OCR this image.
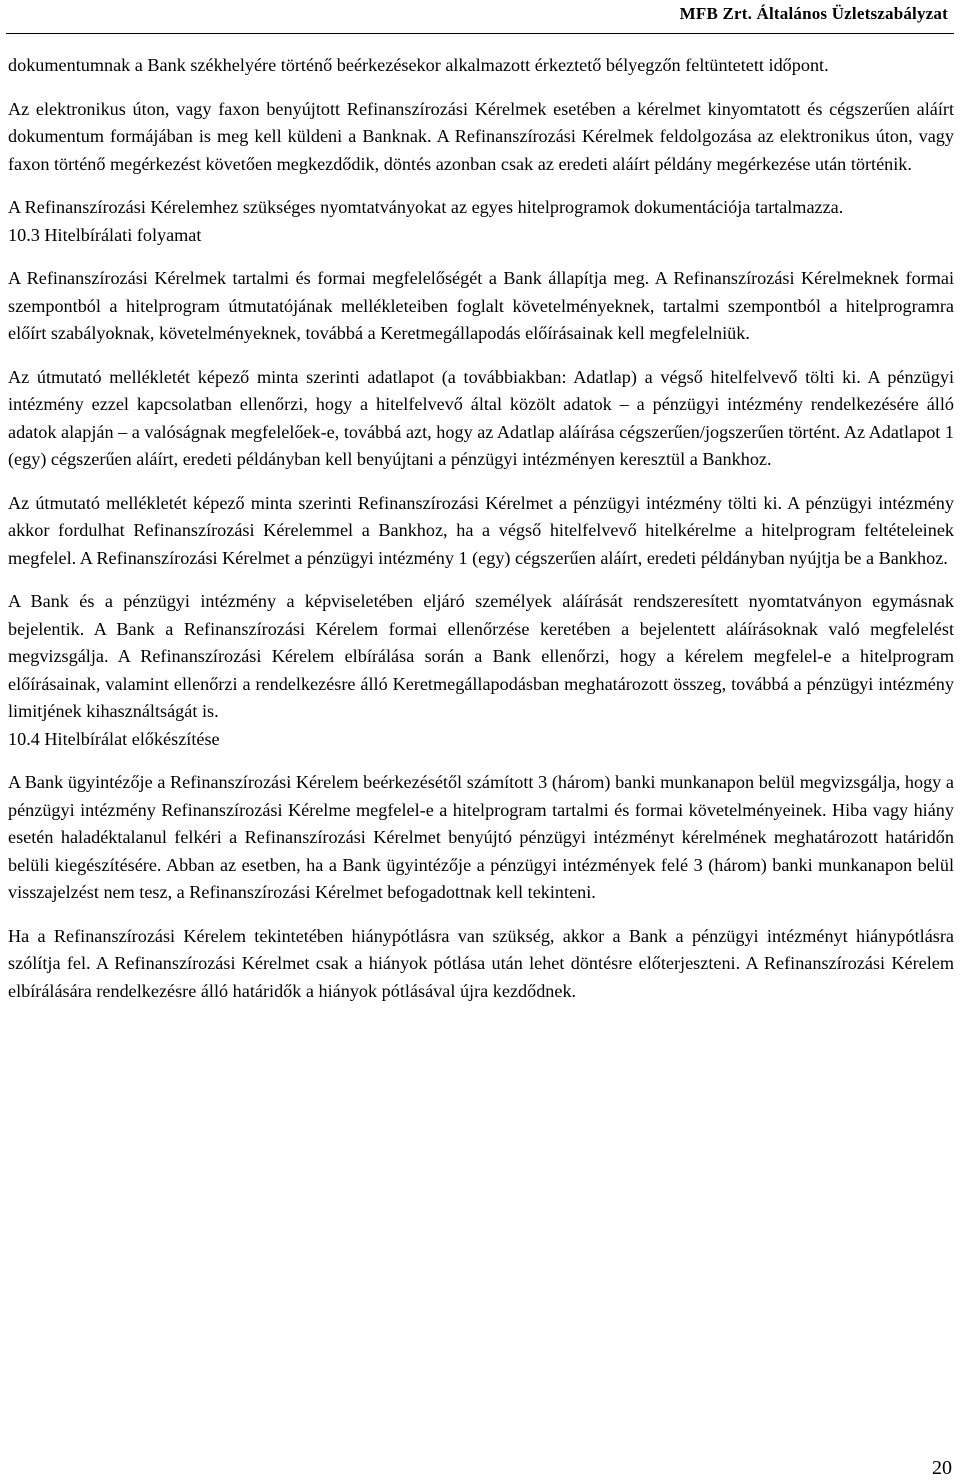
MFB Zrt. Általános Üzletszabályzat

dokumentumnak a Bank székhelyére történő beérkezésekor alkalmazott érkeztető bélyegzőn feltüntetett időpont.

Az elektronikus úton, vagy faxon benyújtott Refinanszírozási Kérelmek esetében a kérelmet kinyomtatott és cégszerűen aláírt dokumentum formájában is meg kell küldeni a Banknak. A Refinanszírozási Kérelmek feldolgozása az elektronikus úton, vagy faxon történő megérkezést követően megkezdődik, döntés azonban csak az eredeti aláírt példány megérkezése után történik.

A Refinanszírozási Kérelemhez szükséges nyomtatványokat az egyes hitelprogramok dokumentációja tartalmazza.

10.3 Hitelbírálati folyamat

A Refinanszírozási Kérelmek tartalmi és formai megfelelőségét a Bank állapítja meg. A Refinanszírozási Kérelmeknek formai szempontból a hitelprogram útmutatójának mellékleteiben foglalt követelményeknek, tartalmi szempontból a hitelprogramra előírt szabályoknak, követelményeknek, továbbá a Keretmegállapodás előírásainak kell megfelelniük.

Az útmutató mellékletét képező minta szerinti adatlapot (a továbbiakban: Adatlap) a végső hitelfelvevő tölti ki. A pénzügyi intézmény ezzel kapcsolatban ellenőrzi, hogy a hitelfelvevő által közölt adatok – a pénzügyi intézmény rendelkezésére álló adatok alapján – a valóságnak megfelelőek-e, továbbá azt, hogy az Adatlap aláírása cégszerűen/jogszerűen történt. Az Adatlapot 1 (egy) cégszerűen aláírt, eredeti példányban kell benyújtani a pénzügyi intézményen keresztül a Bankhoz.

Az útmutató mellékletét képező minta szerinti Refinanszírozási Kérelmet a pénzügyi intézmény tölti ki. A pénzügyi intézmény akkor fordulhat Refinanszírozási Kérelemmel a Bankhoz, ha a végső hitelfelvevő hitelkérelme a hitelprogram feltételeinek megfelel. A Refinanszírozási Kérelmet a pénzügyi intézmény 1 (egy) cégszerűen aláírt, eredeti példányban nyújtja be a Bankhoz.

A Bank és a pénzügyi intézmény a képviseletében eljáró személyek aláírását rendszeresített nyomtatványon egymásnak bejelentik. A Bank a Refinanszírozási Kérelem formai ellenőrzése keretében a bejelentett aláírásoknak való megfelelést megvizsgálja. A Refinanszírozási Kérelem elbírálása során a Bank ellenőrzi, hogy a kérelem megfelel-e a hitelprogram előírásainak, valamint ellenőrzi a rendelkezésre álló Keretmegállapodásban meghatározott összeg, továbbá a pénzügyi intézmény limitjének kihasználtságát is.

10.4 Hitelbírálat előkészítése

A Bank ügyintézője a Refinanszírozási Kérelem beérkezésétől számított 3 (három) banki munkanapon belül megvizsgálja, hogy a pénzügyi intézmény Refinanszírozási Kérelme megfelel-e a hitelprogram tartalmi és formai követelményeinek. Hiba vagy hiány esetén haladéktalanul felkéri a Refinanszírozási Kérelmet benyújtó pénzügyi intézményt kérelmének meghatározott határidőn belüli kiegészítésére. Abban az esetben, ha a Bank ügyintézője a pénzügyi intézmények felé 3 (három) banki munkanapon belül visszajelzést nem tesz, a Refinanszírozási Kérelmet befogadottnak kell tekinteni.

Ha a Refinanszírozási Kérelem tekintetében hiánypótlásra van szükség, akkor a Bank a pénzügyi intézményt hiánypótlásra szólítja fel. A Refinanszírozási Kérelmet csak a hiányok pótlása után lehet döntésre előterjeszteni. A Refinanszírozási Kérelem elbírálására rendelkezésre álló határidők a hiányok pótlásával újra kezdődnek.

20
